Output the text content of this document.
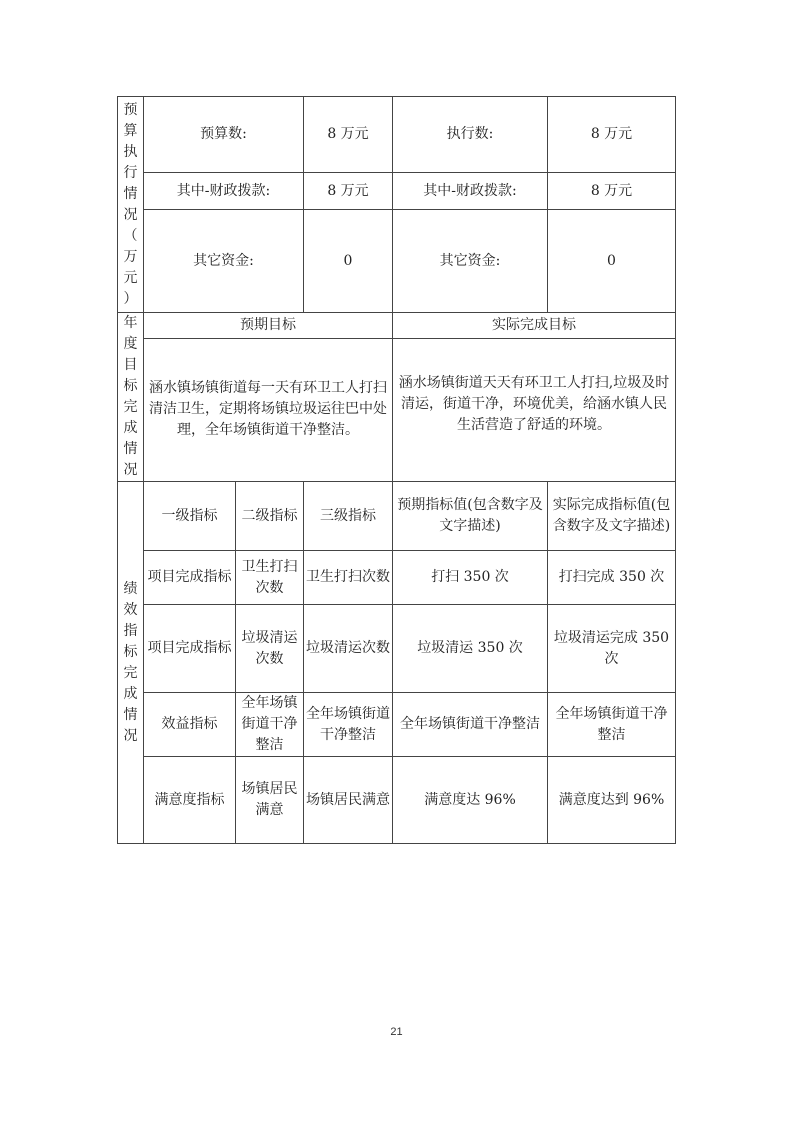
预算执行情况（万元）	预算数:		8 万元	执行数:	8 万元
	其中-财政拨款:		8 万元	其中-财政拨款:	8 万元
	其它资金:		0	其它资金:	0

年度目标完成情况	预期目标			实际完成目标	
	涵水镇场镇街道每一天有环卫工人打扫清洁卫生，定期将场镇垃圾运往巴中处理，全年场镇街道干净整洁。			涵水场镇街道天天有环卫工人打扫,垃圾及时清运，街道干净，环境优美，给涵水镇人民生活营造了舒适的环境。	

绩效指标完成情况	一级指标	二级指标	三级指标	预期指标值(包含数字及文字描述)	实际完成指标值(包含数字及文字描述)
	项目完成指标	卫生打扫次数	卫生打扫次数	打扫 350 次	打扫完成 350 次
	项目完成指标	垃圾清运次数	垃圾清运次数	垃圾清运 350 次	垃圾清运完成 350 次
	效益指标	全年场镇街道干净整洁	全年场镇街道干净整洁	全年场镇街道干净整洁	全年场镇街道干净整洁
	满意度指标	场镇居民满意	场镇居民满意	满意度达 96%	满意度达到 96%
21
